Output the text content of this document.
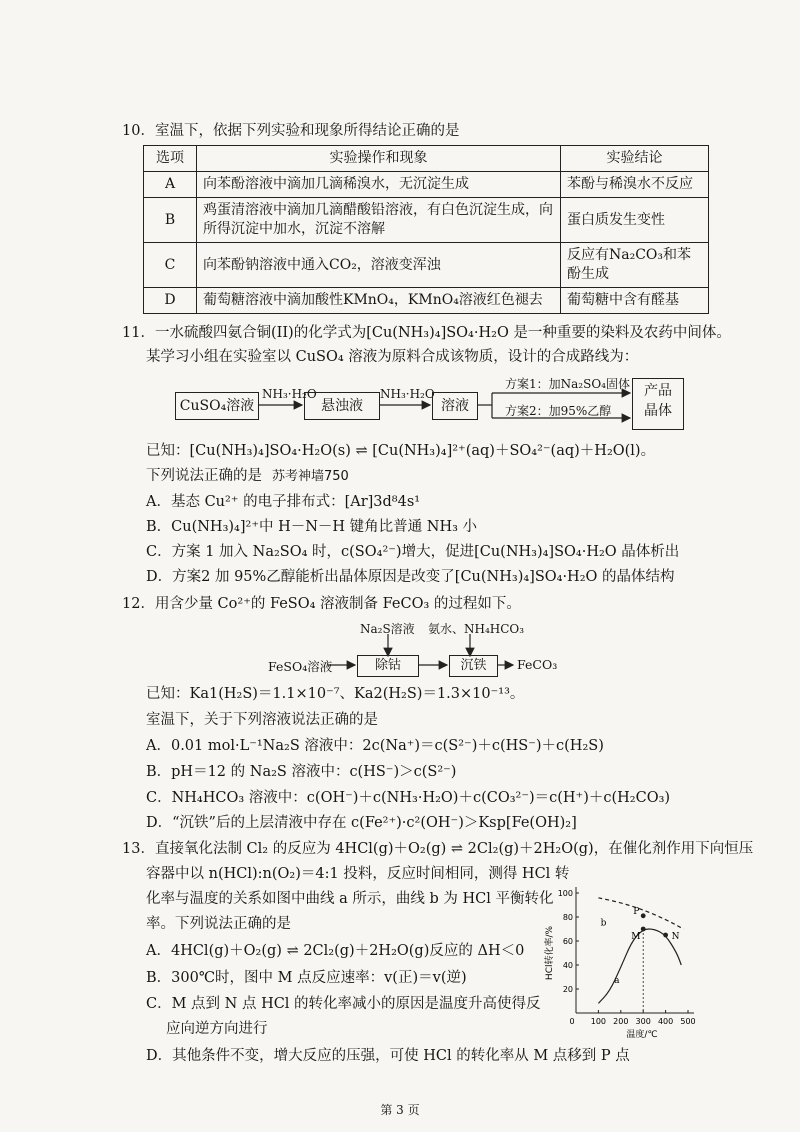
10．室温下，依据下列实验和现象所得结论正确的是
选项	实验操作和现象	实验结论
A	向苯酚溶液中滴加几滴稀溴水，无沉淀生成	苯酚与稀溴水不反应
B	鸡蛋清溶液中滴加几滴醋酸铅溶液，有白色沉淀生成，向所得沉淀中加水，沉淀不溶解	蛋白质发生变性
C	向苯酚钠溶液中通入CO₂，溶液变浑浊	反应有Na₂CO₃和苯酚生成
D	葡萄糖溶液中滴加酸性KMnO₄，KMnO₄溶液红色褪去	葡萄糖中含有醛基
11．一水硫酸四氨合铜(II)的化学式为[Cu(NH₃)₄]SO₄·H₂O 是一种重要的染料及农药中间体。
某学习小组在实验室以 CuSO₄ 溶液为原料合成该物质，设计的合成路线为：
CuSO₄溶液
NH₃·H₂O
悬浊液
NH₃·H₂O
溶液
方案1：加Na₂SO₄固体
方案2：加95%乙醇
产品
晶体
已知：[Cu(NH₃)₄]SO₄·H₂O(s) ⇌ [Cu(NH₃)₄]²⁺(aq)＋SO₄²⁻(aq)＋H₂O(l)。
下列说法正确的是 苏考神墙750
A．基态 Cu²⁺ 的电子排布式：[Ar]3d⁸4s¹
B．Cu(NH₃)₄]²⁺中 H－N－H 键角比普通 NH₃ 小
C．方案 1 加入 Na₂SO₄ 时，c(SO₄²⁻)增大，促进[Cu(NH₃)₄]SO₄·H₂O 晶体析出
D．方案2 加 95%乙醇能析出晶体原因是改变了[Cu(NH₃)₄]SO₄·H₂O 的晶体结构
12．用含少量 Co²⁺的 FeSO₄ 溶液制备 FeCO₃ 的过程如下。
FeSO₄溶液
Na₂S溶液 氨水、NH₄HCO₃
除钴	沉铁	FeCO₃
已知：Ka1(H₂S)＝1.1×10⁻⁷、Ka2(H₂S)＝1.3×10⁻¹³。
室温下，关于下列溶液说法正确的是
A．0.01 mol·L⁻¹Na₂S 溶液中：2c(Na⁺)＝c(S²⁻)＋c(HS⁻)＋c(H₂S)
B．pH＝12 的 Na₂S 溶液中：c(HS⁻)＞c(S²⁻)
C．NH₄HCO₃ 溶液中：c(OH⁻)＋c(NH₃·H₂O)＋c(CO₃²⁻)＝c(H⁺)＋c(H₂CO₃)
D．“沉铁”后的上层清液中存在 c(Fe²⁺)·c²(OH⁻)＞Ksp[Fe(OH)₂]
13．直接氧化法制 Cl₂ 的反应为 4HCl(g)＋O₂(g) ⇌ 2Cl₂(g)＋2H₂O(g)，在催化剂作用下向恒压
容器中以 n(HCl):n(O₂)＝4:1 投料，反应时间相同，测得 HCl 转
化率与温度的关系如图中曲线 a 所示，曲线 b 为 HCl 平衡转化
率。下列说法正确的是
A．4HCl(g)＋O₂(g) ⇌ 2Cl₂(g)＋2H₂O(g)反应的 ΔH＜0
B．300℃时，图中 M 点反应速率：v(正)＝v(逆)
C．M 点到 N 点 HCl 的转化率减小的原因是温度升高使得反
应向逆方向进行
D．其他条件不变，增大反应的压强，可使 HCl 的转化率从 M 点移到 P 点
100 200 300 400 500
0
20
40
60
80
100
温度/℃
HCl转化率/%
a
b
P
M	N
第 3 页
